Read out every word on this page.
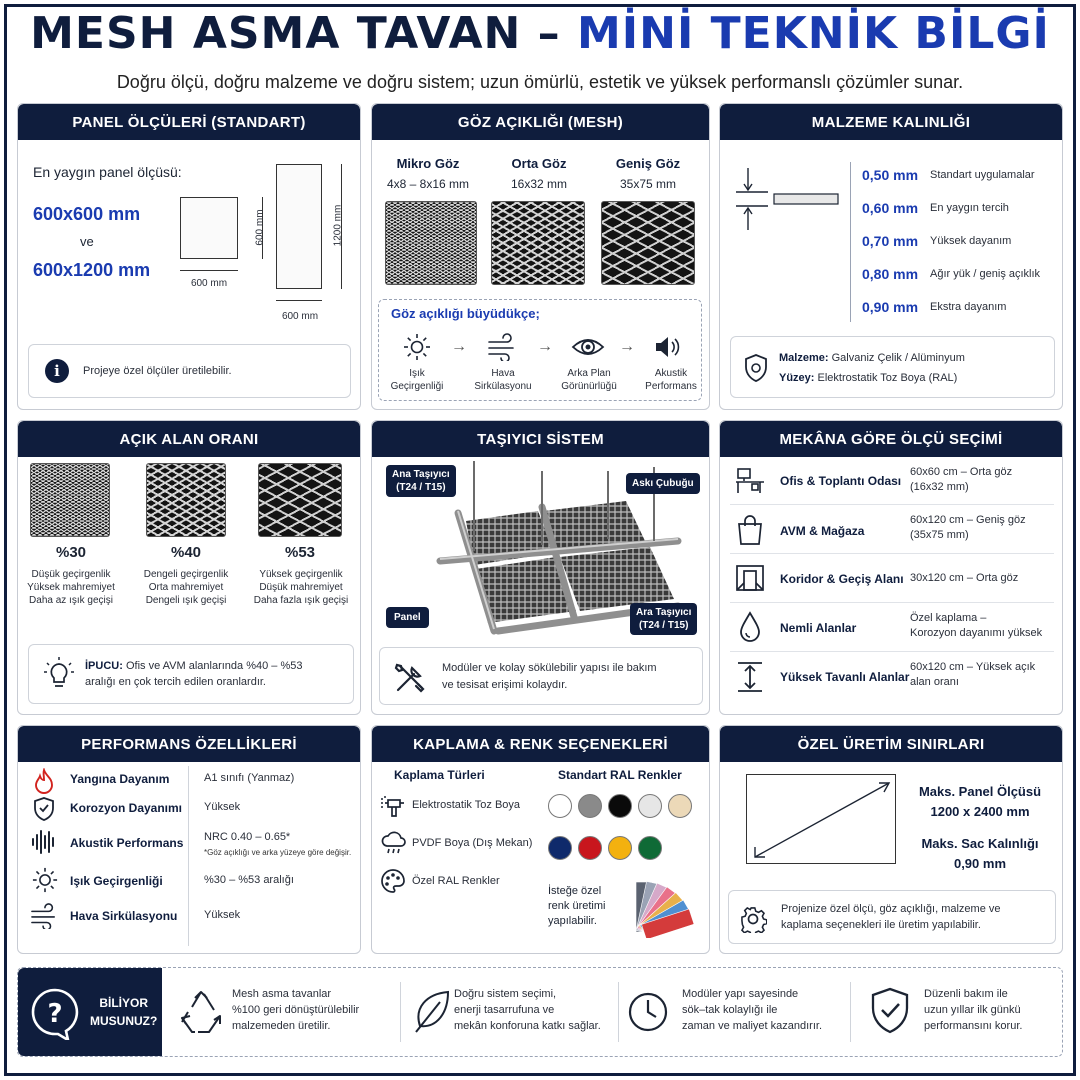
MESH ASMA TAVAN – MİNİ TEKNİK BİLGİ
Doğru ölçü, doğru malzeme ve doğru sistem; uzun ömürlü, estetik ve yüksek performanslı çözümler sunar.
PANEL ÖLÇÜLERİ (STANDART)
En yaygın panel ölçüsü:
600x600 mm
ve
600x1200 mm
600 mm
600 mm
600 mm
1200 mm
i	Projeye özel ölçüler üretilebilir.
GÖZ AÇIKLIĞI (MESH)
Mikro Göz
4x8 – 8x16 mm
Orta Göz
16x32 mm
Geniş Göz
35x75 mm
Göz açıklığı büyüdükçe;
Işık
Geçirgenliği
→
Hava
Sirkülasyonu
→
Arka Plan
Görünürlüğü
→
Akustik
Performans
MALZEME KALINLIĞI
0,50 mm Standart uygulamalar
0,60 mm En yaygın tercih
0,70 mm Yüksek dayanım
0,80 mm Ağır yük / geniş açıklık
0,90 mm Ekstra dayanım
Malzeme: Galvaniz Çelik / Alüminyum
Yüzey: Elektrostatik Toz Boya (RAL)
AÇIK ALAN ORANI
%30
Düşük geçirgenlik
Yüksek mahremiyet
Daha az ışık geçişi
%40
Dengeli geçirgenlik
Orta mahremiyet
Dengeli ışık geçişi
%53
Yüksek geçirgenlik
Düşük mahremiyet
Daha fazla ışık geçişi
İPUCU: Ofis ve AVM alanlarında %40 – %53
aralığı en çok tercih edilen oranlardır.
TAŞIYICI SİSTEM
Ana Taşıyıcı
(T24 / T15)	Askı Çubuğu
Panel	Ara Taşıyıcı
(T24 / T15)
Modüler ve kolay sökülebilir yapısı ile bakım
ve tesisat erişimi kolaydır.
MEKÂNA GÖRE ÖLÇÜ SEÇİMİ
Ofis & Toplantı Odası
60x60 cm – Orta göz
(16x32 mm)
AVM & Mağaza
60x120 cm – Geniş göz
(35x75 mm)
Koridor & Geçiş Alanı 30x120 cm – Orta göz
Nemli Alanlar
Özel kaplama –
Korozyon dayanımı yüksek
Yüksek Tavanlı Alanlar
60x120 cm – Yüksek açık
alan oranı
PERFORMANS ÖZELLİKLERİ
Yangına Dayanım	A1 sınıfı (Yanmaz)
Korozyon Dayanımı Yüksek
Akustik Performans NRC 0.40 – 0.65*
*Göz açıklığı ve arka yüzeye göre değişir.
Işık Geçirgenliği	%30 – %53 aralığı
Hava Sirkülasyonu Yüksek
KAPLAMA & RENK SEÇENEKLERİ
Kaplama Türleri	Standart RAL Renkler
Elektrostatik Toz Boya
PVDF Boya (Dış Mekan)
Özel RAL Renkler
İsteğe özel
renk üretimi
yapılabilir.
ÖZEL ÜRETİM SINIRLARI
Maks. Panel Ölçüsü
1200 x 2400 mm
Maks. Sac Kalınlığı
0,90 mm
Projenize özel ölçü, göz açıklığı, malzeme ve
kaplama seçenekleri ile üretim yapılabilir.
?	BİLİYOR
MUSUNUZ?
Mesh asma tavanlar
%100 geri dönüştürülebilir
malzemeden üretilir.
Doğru sistem seçimi,
enerji tasarrufuna ve
mekân konforuna katkı sağlar.
Modüler yapı sayesinde
sök–tak kolaylığı ile
zaman ve maliyet kazandırır.
Düzenli bakım ile
uzun yıllar ilk günkü
performansını korur.
